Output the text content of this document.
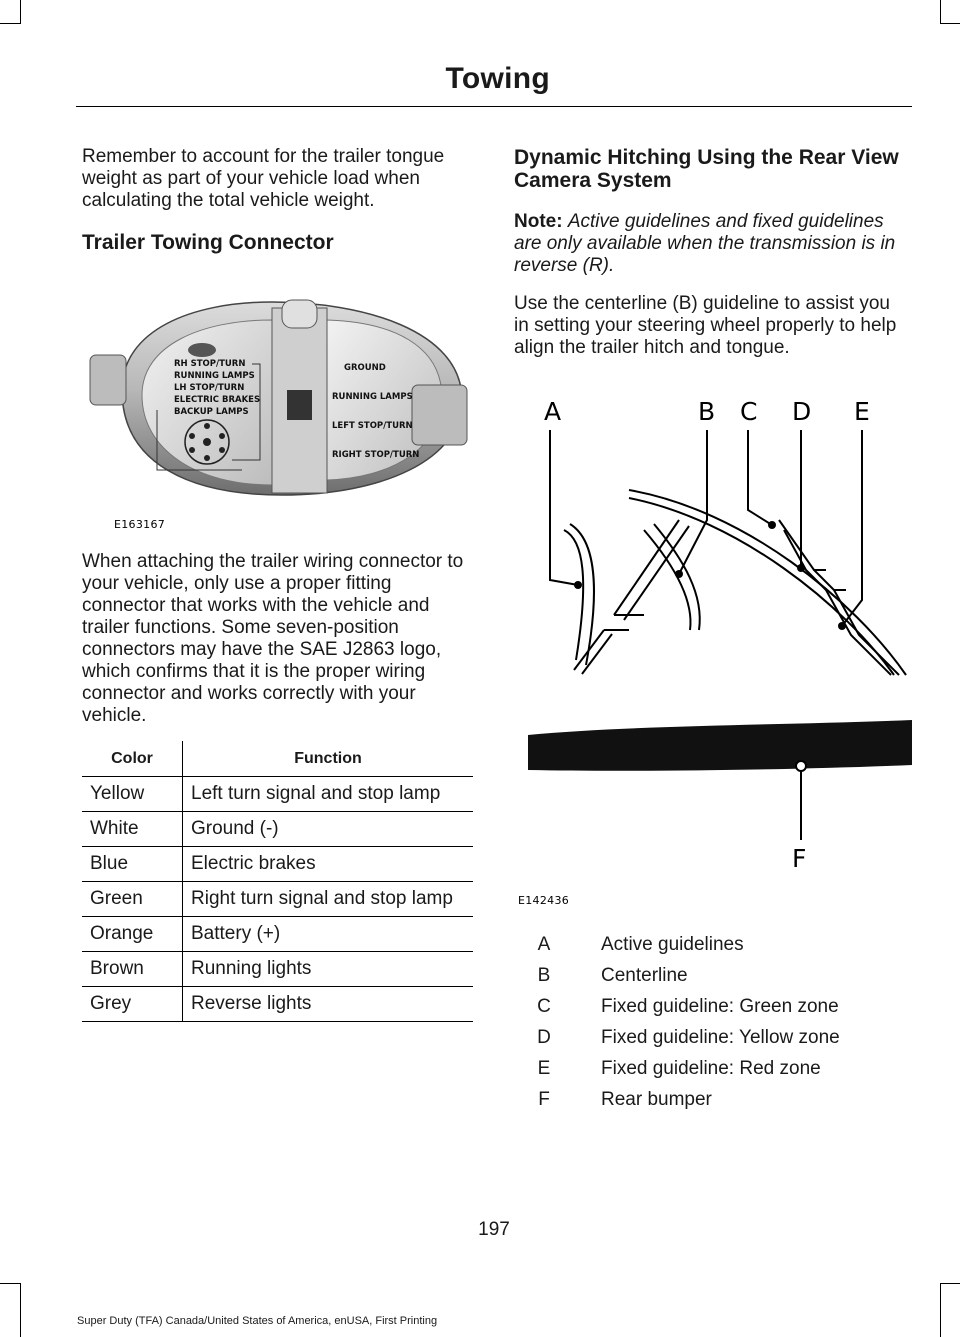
Towing

Remember to account for the trailer tongue weight as part of your vehicle load when calculating the total vehicle weight.

Trailer Towing Connector
RH STOP/TURN
RUNNING LAMPS
LH STOP/TURN
ELECTRIC BRAKES
BACKUP LAMPS
GROUND
RUNNING LAMPS
LEFT STOP/TURN
RIGHT STOP/TURN
E163167

When attaching the trailer wiring connector to your vehicle, only use a proper fitting connector that works with the vehicle and trailer functions. Some seven-position connectors may have the SAE J2863 logo, which confirms that it is the proper wiring connector and works correctly with your vehicle.

Color	Function
Yellow	Left turn signal and stop lamp
White	Ground (-)
Blue	Electric brakes
Green	Right turn signal and stop lamp
Orange	Battery (+)
Brown	Running lights
Grey	Reverse lights
Dynamic Hitching Using the Rear View Camera System

Note: Active guidelines and fixed guidelines are only available when the transmission is in reverse (R).

Use the centerline (B) guideline to assist you in setting your steering wheel properly to help align the trailer hitch and tongue.

A	B C D E
F
E142436
A	Active guidelines
B	Centerline
C	Fixed guideline: Green zone
D	Fixed guideline: Yellow zone
E	Fixed guideline: Red zone
F	Rear bumper
197
Super Duty (TFA) Canada/United States of America, enUSA, First Printing
